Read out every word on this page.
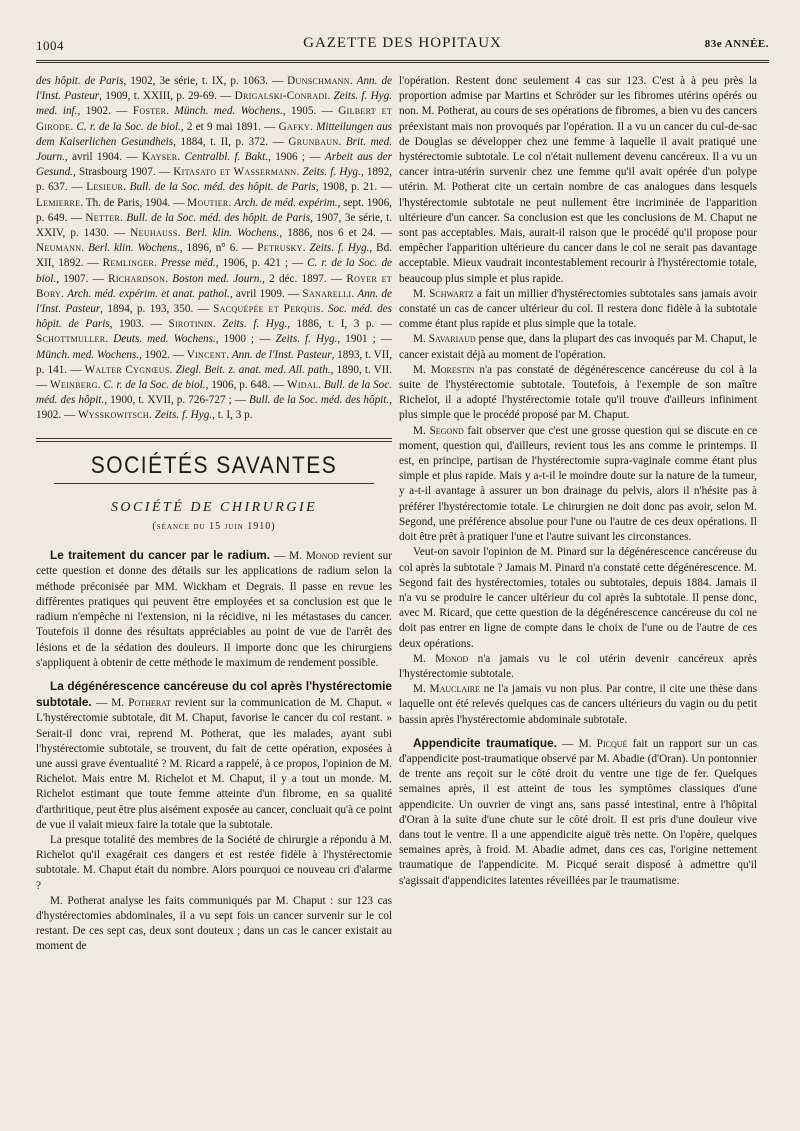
1004	GAZETTE DES HOPITAUX	83e ANNÉE.
des hôpit. de Paris, 1902, 3e série, t. IX, p. 1063. — Dunschmann. Ann. de l'Inst. Pasteur, 1909, t. XXIII, p. 29-69. — Drigalski-Conradi. Zeits. f. Hyg. med. inf., 1902. — Foster. Münch. med. Wochens., 1905. — Gilbert et Girode. C. r. de la Soc. de biol., 2 et 9 mai 1891. — Gafky. Mitteilungen aus dem Kaiserlichen Gesundheis, 1884, t. II, p. 372. — Grunbaun. Brit. med. Journ., avril 1904. — Kayser. Centralbl. f. Bakt., 1906 ; — Arbeit aus der Gesund., Strasbourg 1907. — Kitasato et Wassermann. Zeits. f. Hyg., 1892, p. 637. — Lesieur. Bull. de la Soc. méd. des hôpit. de Paris, 1908, p. 21. — Lemierre. Th. de Paris, 1904. — Moutier. Arch. de méd. expérim., sept. 1906, p. 649. — Netter. Bull. de la Soc. méd. des hôpit. de Paris, 1907, 3e série, t. XXIV, p. 1430. — Neuhauss. Berl. klin. Wochens., 1886, nos 6 et 24. — Neumann. Berl. klin. Wochens., 1896, n° 6. — Petrusky. Zeits. f. Hyg., Bd. XII, 1892. — Remlinger. Presse méd., 1906, p. 421 ; — C. r. de la Soc. de biol., 1907. — Richardson. Boston med. Journ., 2 déc. 1897. — Royer et Bory. Arch. méd. expérim. et anat. pathol., avril 1909. — Sanarelli. Ann. de l'Inst. Pasteur, 1894, p. 193, 350. — Sacquépée et Perquis. Soc. méd. des hôpit. de Paris, 1903. — Sirotinin. Zeits. f. Hyg., 1886, t. I, 3 p. — Schottmuller. Deuts. med. Wochens., 1900 ; — Zeits. f. Hyg., 1901 ; — Münch. med. Wochens., 1902. — Vincent. Ann. de l'Inst. Pasteur, 1893, t. VII, p. 141. — Walter Cygnœus. Ziegl. Beit. z. anat. med. All. path., 1890, t. VII. — Weinberg. C. r. de la Soc. de biol., 1906, p. 648. — Widal. Bull. de la Soc. méd. des hôpit., 1900, t. XVII, p. 726-727 ; — Bull. de la Soc. méd. des hôpit., 1902. — Wysskowitsch. Zeits. f. Hyg., t. I, 3 p.
SOCIÉTÉS SAVANTES
SOCIÉTÉ DE CHIRURGIE
(séance du 15 juin 1910)

Le traitement du cancer par le radium. — M. Monod revient sur cette question et donne des détails sur les applications de radium selon la méthode préconisée par MM. Wickham et Degrais. Il passe en revue les différentes pratiques qui peuvent être employées et sa conclusion est que le radium n'empêche ni l'extension, ni la récidive, ni les métastases du cancer. Toutefois il donne des résultats appréciables au point de vue de l'arrêt des lésions et de la sédation des douleurs. Il importe donc que les chirurgiens s'appliquent à obtenir de cette méthode le maximum de rendement possible.

La dégénérescence cancéreuse du col après l'hystérectomie subtotale. — M. Potherat revient sur la communication de M. Chaput. « L'hystérectomie subtotale, dit M. Chaput, favorise le cancer du col restant. » Serait-il donc vrai, reprend M. Potherat, que les malades, ayant subi l'hystérectomie subtotale, se trouvent, du fait de cette opération, exposées à une aussi grave éventualité ? M. Ricard a rappelé, à ce propos, l'opinion de M. Richelot. Mais entre M. Richelot et M. Chaput, il y a tout un monde. M. Richelot estimant que toute femme atteinte d'un fibrome, en sa qualité d'arthritique, peut être plus aisément exposée au cancer, concluait qu'à ce point de vue il valait mieux faire la totale que la subtotale.

La presque totalité des membres de la Société de chirurgie a répondu à M. Richelot qu'il exagérait ces dangers et est restée fidèle à l'hystérectomie subtotale. M. Chaput était du nombre. Alors pourquoi ce nouveau cri d'alarme ?

M. Potherat analyse les faits communiqués par M. Chaput : sur 123 cas d'hystérectomies abdominales, il a vu sept fois un cancer survenir sur le col restant. De ces sept cas, deux sont douteux ; dans un cas le cancer existait au moment de

l'opération. Restent donc seulement 4 cas sur 123. C'est à à peu près la proportion admise par Martins et Schröder sur les fibromes utérins opérés ou non. M. Potherat, au cours de ses opérations de fibromes, a bien vu des cancers préexistant mais non provoqués par l'opération. Il a vu un cancer du cul-de-sac de Douglas se développer chez une femme à laquelle il avait pratiqué une hystérectomie subtotale. Le col n'était nullement devenu cancéreux. Il a vu un cancer intra-utérin survenir chez une femme qu'il avait opérée d'un polype utérin. M. Potherat cite un certain nombre de cas analogues dans lesquels l'hystérectomie subtotale ne peut nullement être incriminée de l'apparition ultérieure d'un cancer. Sa conclusion est que les conclusions de M. Chaput ne sont pas acceptables. Mais, aurait-il raison que le procédé qu'il propose pour empêcher l'apparition ultérieure du cancer dans le col ne serait pas davantage acceptable. Mieux vaudrait incontestablement recourir à l'hystérectomie totale, beaucoup plus simple et plus rapide.

M. Schwartz a fait un millier d'hystérectomies subtotales sans jamais avoir constaté un cas de cancer ultérieur du col. Il restera donc fidèle à la subtotale comme étant plus rapide et plus simple que la totale.

M. Savariaud pense que, dans la plupart des cas invoqués par M. Chaput, le cancer existait déjà au moment de l'opération.

M. Morestin n'a pas constaté de dégénérescence cancéreuse du col à la suite de l'hystérectomie subtotale. Toutefois, à l'exemple de son maître Richelot, il a adopté l'hystérectomie totale qu'il trouve d'ailleurs infiniment plus simple que le procédé proposé par M. Chaput.

M. Segond fait observer que c'est une grosse question qui se discute en ce moment, question qui, d'ailleurs, revient tous les ans comme le printemps. Il est, en principe, partisan de l'hystérectomie supra-vaginale comme étant plus simple et plus rapide. Mais y a-t-il le moindre doute sur la nature de la tumeur, y a-t-il avantage à assurer un bon drainage du pelvis, alors il n'hésite pas à préférer l'hystérectomie totale. Le chirurgien ne doit donc pas avoir, selon M. Segond, une préférence absolue pour l'une ou l'autre de ces deux opérations. Il doit être prêt à pratiquer l'une et l'autre suivant les circonstances.

Veut-on savoir l'opinion de M. Pinard sur la dégénérescence cancéreuse du col après la subtotale ? Jamais M. Pinard n'a constaté cette dégénérescence. M. Segond fait des hystérectomies, totales ou subtotales, depuis 1884. Jamais il n'a vu se produire le cancer ultérieur du col après la subtotale. Il pense donc, avec M. Ricard, que cette question de la dégénérescence cancéreuse du col ne doit pas entrer en ligne de compte dans le choix de l'une ou de l'autre de ces deux opérations.

M. Monod n'a jamais vu le col utérin devenir cancéreux après l'hystérectomie subtotale.

M. Mauclaire ne l'a jamais vu non plus. Par contre, il cite une thèse dans laquelle ont été relevés quelques cas de cancers ultérieurs du vagin ou du petit bassin après l'hystérectomie abdominale subtotale.

Appendicite traumatique. — M. Picqué fait un rapport sur un cas d'appendicite post-traumatique observé par M. Abadie (d'Oran). Un pontonnier de trente ans reçoit sur le côté droit du ventre une tige de fer. Quelques semaines après, il est atteint de tous les symptômes classiques d'une appendicite. Un ouvrier de vingt ans, sans passé intestinal, entre à l'hôpital d'Oran à la suite d'une chute sur le côté droit. Il est pris d'une douleur vive dans tout le ventre. Il a une appendicite aiguë très nette. On l'opère, quelques semaines après, à froid. M. Abadie admet, dans ces cas, l'origine nettement traumatique de l'appendicite. M. Picqué serait disposé à admettre qu'il s'agissait d'appendicites latentes réveillées par le traumatisme.
